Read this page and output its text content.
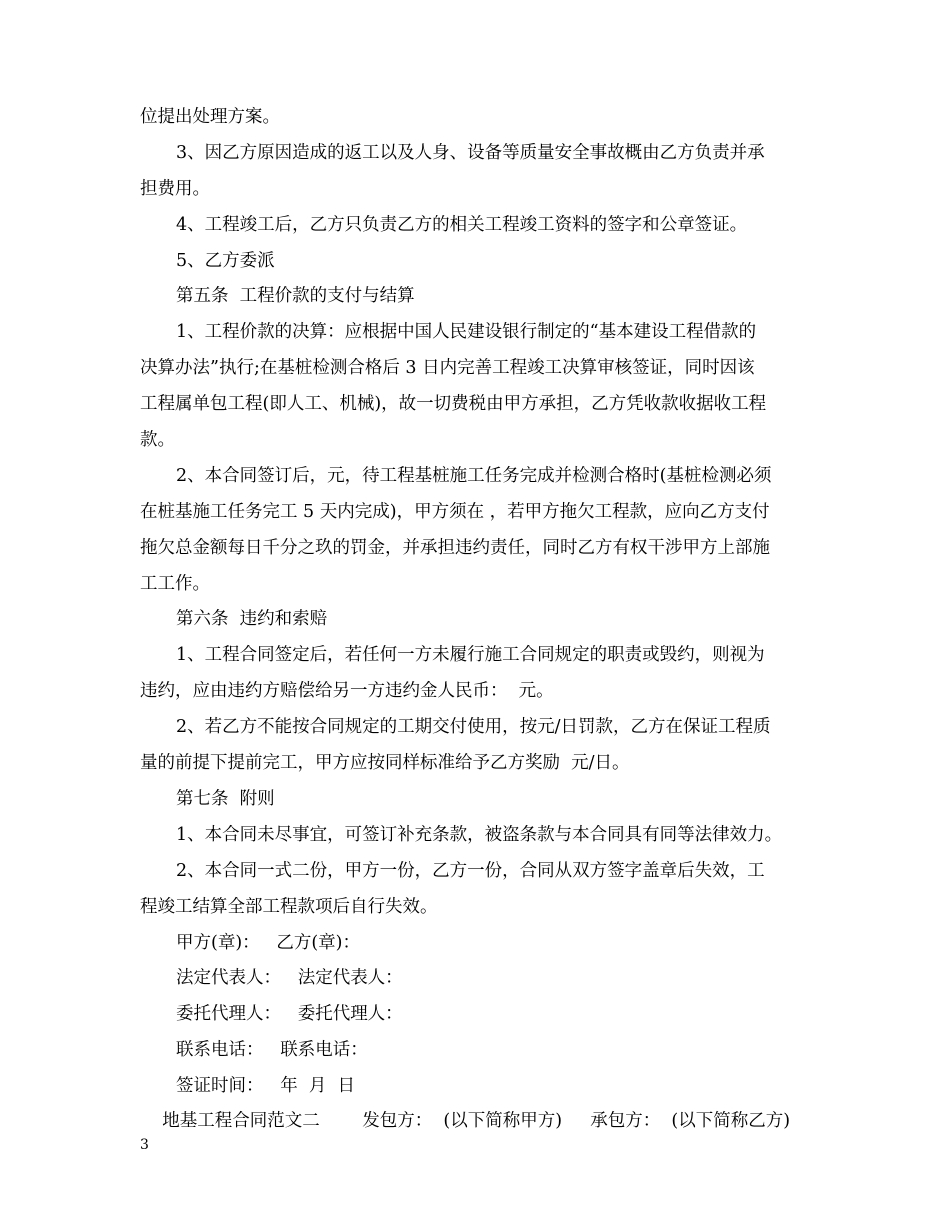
位提出处理方案。
3、因乙方原因造成的返工以及人身、设备等质量安全事故概由乙方负责并承
担费用。
4、工程竣工后，乙方只负责乙方的相关工程竣工资料的签字和公章签证。
5、乙方委派
第五条  工程价款的支付与结算
1、工程价款的决算：应根据中国人民建设银行制定的“基本建设工程借款的
决算办法”执行;在基桩检测合格后 3 日内完善工程竣工决算审核签证，同时因该
工程属单包工程(即人工、机械)，故一切费税由甲方承担，乙方凭收款收据收工程
款。
2、本合同签订后，元，待工程基桩施工任务完成并检测合格时(基桩检测必须
在桩基施工任务完工 5 天内完成)，甲方须在 ，若甲方拖欠工程款，应向乙方支付
拖欠总金额每日千分之玖的罚金，并承担违约责任，同时乙方有权干涉甲方上部施
工工作。
第六条  违约和索赔
1、工程合同签定后，若任何一方未履行施工合同规定的职责或毁约，则视为
违约，应由违约方赔偿给另一方违约金人民币：  元。
2、若乙方不能按合同规定的工期交付使用，按元/日罚款，乙方在保证工程质
量的前提下提前完工，甲方应按同样标准给予乙方奖励  元/日。
第七条  附则
1、本合同未尽事宜，可签订补充条款，被盗条款与本合同具有同等法律效力。
2、本合同一式二份，甲方一份，乙方一份，合同从双方签字盖章后失效，工
程竣工结算全部工程款项后自行失效。
甲方(章)：   乙方(章)：
法定代表人：   法定代表人：
委托代理人：   委托代理人：
联系电话：   联系电话：
签证时间：   年  月  日

地基工程合同范文二 发包方：  (以下简称甲方) 承包方：  (以下简称乙方)

3
